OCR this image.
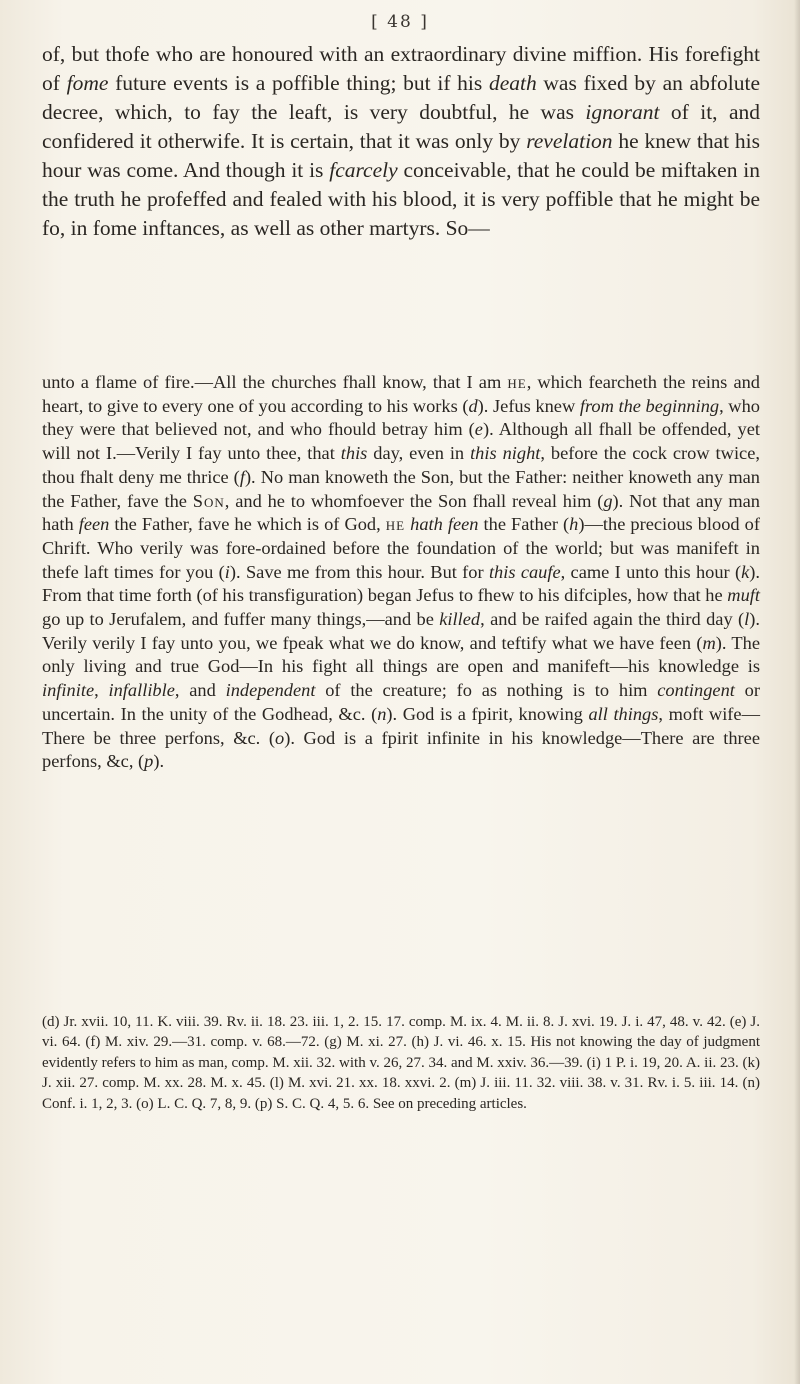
[ 48 ]

of, but thofe who are honoured with an extraordinary divine miffion. His forefight of fome future events is a poffible thing; but if his death was fixed by an abfolute decree, which, to fay the leaft, is very doubtful, he was ignorant of it, and confidered it otherwife. It is certain, that it was only by revelation he knew that his hour was come. And though it is fcarcely conceivable, that he could be miftaken in the truth he profeffed and fealed with his blood, it is very poffible that he might be fo, in fome inftances, as well as other martyrs. So—

unto a flame of fire.—All the churches fhall know, that I am he, which fearcheth the reins and heart, to give to every one of you according to his works (d). Jefus knew from the beginning, who they were that believed not, and who fhould betray him (e). Although all fhall be offended, yet will not I.—Verily I fay unto thee, that this day, even in this night, before the cock crow twice, thou fhalt deny me thrice (f). No man knoweth the Son, but the Father: neither knoweth any man the Father, fave the Son, and he to whomfoever the Son fhall reveal him (g). Not that any man hath feen the Father, fave he which is of God, he hath feen the Father (h)—the precious blood of Chrift. Who verily was fore-ordained before the foundation of the world; but was manifeft in thefe laft times for you (i). Save me from this hour. But for this caufe, came I unto this hour (k). From that time forth (of his transfiguration) began Jefus to fhew to his difciples, how that he muft go up to Jerufalem, and fuffer many things,—and be killed, and be raifed again the third day (l). Verily verily I fay unto you, we fpeak what we do know, and teftify what we have feen (m). The only living and true God—In his fight all things are open and manifeft—his knowledge is infinite, infallible, and independent of the creature; fo as nothing is to him contingent or uncertain. In the unity of the Godhead, &c. (n). God is a fpirit, knowing all things, moft wife—There be three perfons, &c. (o). God is a fpirit infinite in his knowledge—There are three perfons, &c, (p).

(d) Jr. xvii. 10, 11. K. viii. 39. Rv. ii. 18. 23. iii. 1, 2. 15. 17. comp. M. ix. 4. M. ii. 8. J. xvi. 19. J. i. 47, 48. v. 42. (e) J. vi. 64. (f) M. xiv. 29.—31. comp. v. 68.—72. (g) M. xi. 27. (h) J. vi. 46. x. 15. His not knowing the day of judgment evidently refers to him as man, comp. M. xii. 32. with v. 26, 27. 34. and M. xxiv. 36.—39. (i) 1 P. i. 19, 20. A. ii. 23. (k) J. xii. 27. comp. M. xx. 28. M. x. 45. (l) M. xvi. 21. xx. 18. xxvi. 2. (m) J. iii. 11. 32. viii. 38. v. 31. Rv. i. 5. iii. 14. (n) Conf. i. 1, 2, 3. (o) L. C. Q. 7, 8, 9. (p) S. C. Q. 4, 5. 6. See on preceding articles.
